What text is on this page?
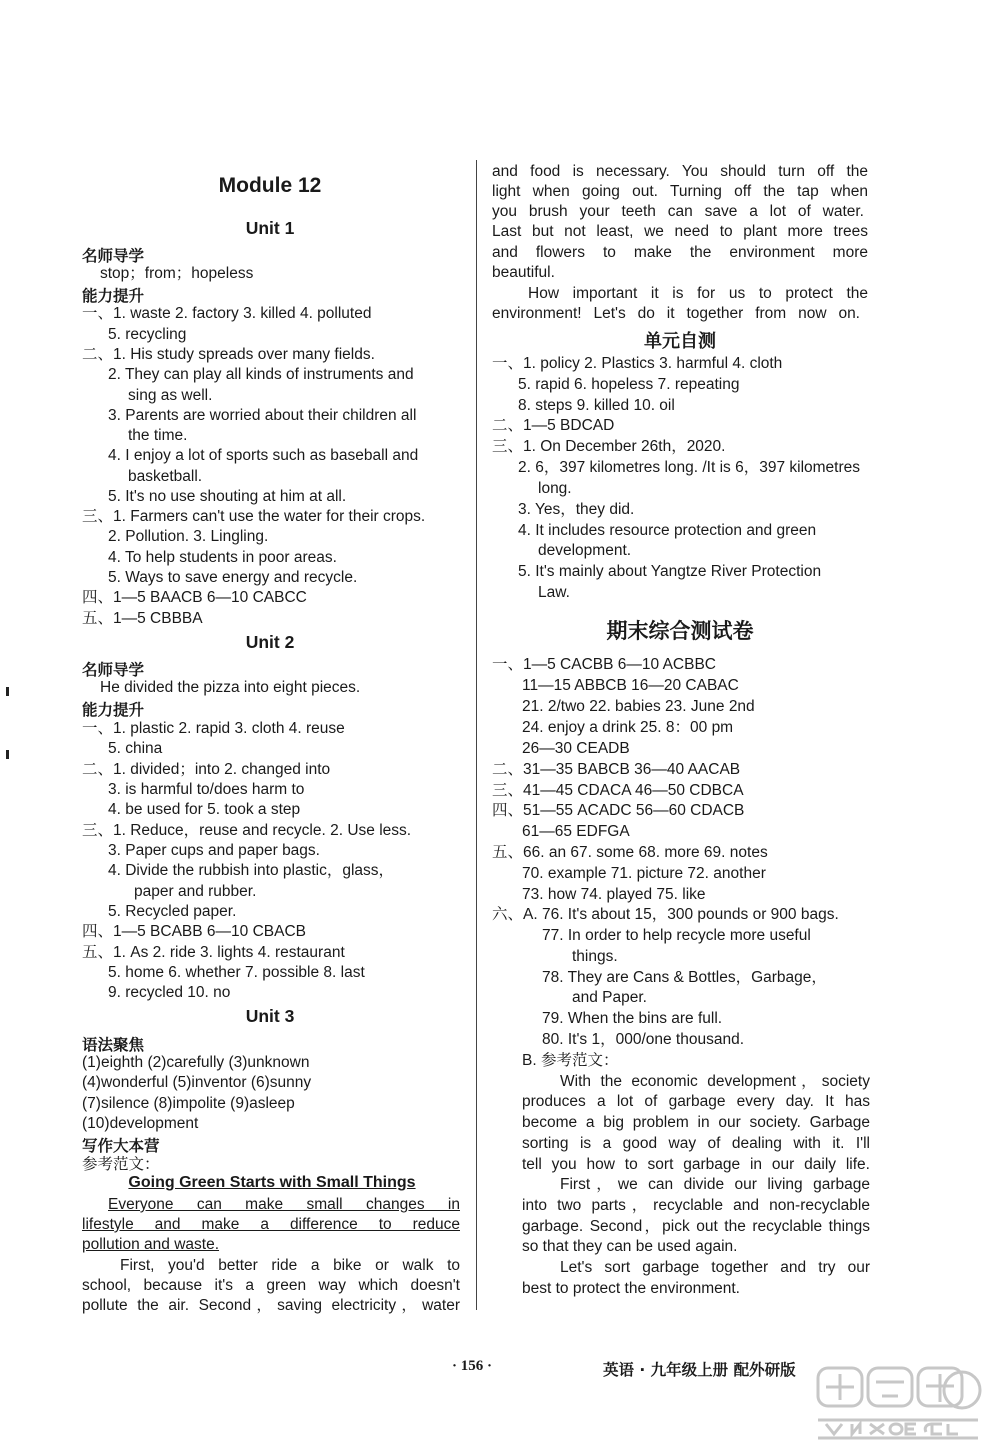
Module 12
Unit 1
名师导学
stop；from；hopeless
能力提升
一、1. waste 2. factory 3. killed 4. polluted
5. recycling
二、1. His study spreads over many fields.
2. They can play all kinds of instruments and
sing as well.
3. Parents are worried about their children all
the time.
4. I enjoy a lot of sports such as baseball and
basketball.
5. It's no use shouting at him at all.
三、1. Farmers can't use the water for their crops.
2. Pollution. 3. Lingling.
4. To help students in poor areas.
5. Ways to save energy and recycle.
四、1—5 BAACB 6—10 CABCC
五、1—5 CBBBA
Unit 2
名师导学
He divided the pizza into eight pieces.
能力提升
一、1. plastic 2. rapid 3. cloth 4. reuse
5. china
二、1. divided；into 2. changed into
3. is harmful to/does harm to
4. be used for 5. took a step
三、1. Reduce，reuse and recycle. 2. Use less.
3. Paper cups and paper bags.
4. Divide the rubbish into plastic，glass，
paper and rubber.
5. Recycled paper.
四、1—5 BCABB 6—10 CBACB
五、1. As 2. ride 3. lights 4. restaurant
5. home 6. whether 7. possible 8. last
9. recycled 10. no
Unit 3
语法聚焦
(1)eighth (2)carefully (3)unknown
(4)wonderful (5)inventor (6)sunny
(7)silence (8)impolite (9)asleep
(10)development
写作大本营
参考范文：
Going Green Starts with Small Things
Everyone can make small changes in
lifestyle and make a difference to reduce
pollution and waste.
First, you'd better ride a bike or walk to
school, because it's a green way which doesn't
pollute the air. Second，saving electricity，water
and food is necessary. You should turn off the
light when going out. Turning off the tap when
you brush your teeth can save a lot of water.
Last but not least, we need to plant more trees
and flowers to make the environment more
beautiful.
How important it is for us to protect the
environment! Let's do it together from now on.
单元自测
一、1. policy 2. Plastics 3. harmful 4. cloth
5. rapid 6. hopeless 7. repeating
8. steps 9. killed 10. oil
二、1—5 BDCAD
三、1. On December 26th，2020.
2. 6，397 kilometres long. /It is 6，397 kilometres
long.
3. Yes，they did.
4. It includes resource protection and green
development.
5. It's mainly about Yangtze River Protection
Law.
期末综合测试卷
一、1—5 CACBB 6—10 ACBBC
11—15 ABBCB 16—20 CABAC
21. 2/two 22. babies 23. June 2nd
24. enjoy a drink 25. 8：00 pm
26—30 CEADB
二、31—35 BABCB 36—40 AACAB
三、41—45 CDACA 46—50 CDBCA
四、51—55 ACADC 56—60 CDACB
61—65 EDFGA
五、66. an 67. some 68. more 69. notes
70. example 71. picture 72. another
73. how 74. played 75. like
六、A. 76. It's about 15，300 pounds or 900 bags.
77. In order to help recycle more useful
things.
78. They are Cans & Bottles，Garbage，
and Paper.
79. When the bins are full.
80. It's 1，000/one thousand.
B. 参考范文：
With the economic development，society
produces a lot of garbage every day. It has
become a big problem in our society. Garbage
sorting is a good way of dealing with it. I'll
tell you how to sort garbage in our daily life.
First，we can divide our living garbage
into two parts，recyclable and non-recyclable
garbage. Second，pick out the recyclable things
so that they can be used again.
Let's sort garbage together and try our
best to protect the environment.
· 156 ·	英语 · 九年级上册 配外研版
